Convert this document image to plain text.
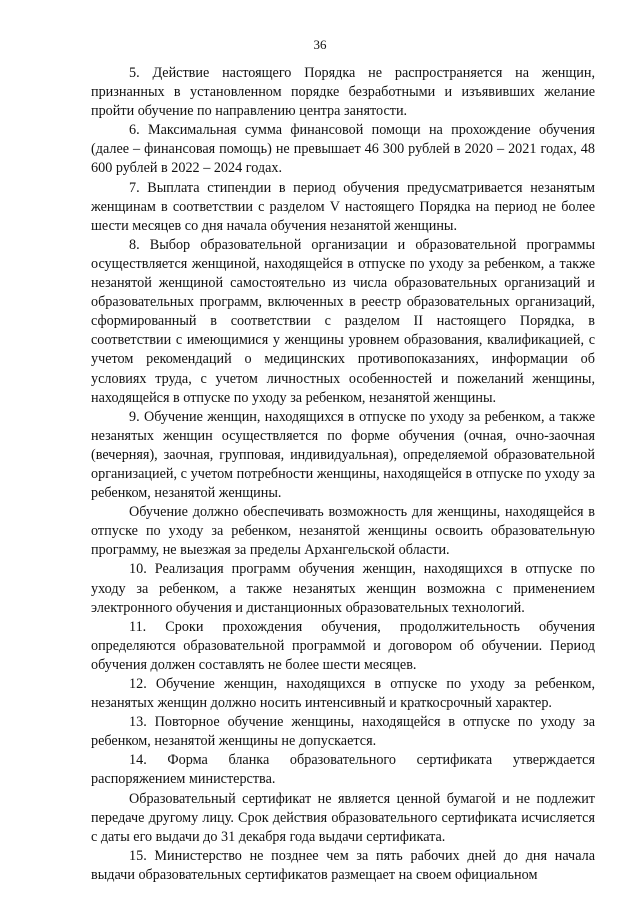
36

5. Действие настоящего Порядка не распространяется на женщин, признанных в установленном порядке безработными и изъявивших желание пройти обучение по направлению центра занятости.

6. Максимальная сумма финансовой помощи на прохождение обучения (далее – финансовая помощь) не превышает 46 300 рублей в 2020 – 2021 годах, 48 600 рублей в 2022 – 2024 годах.

7. Выплата стипендии в период обучения предусматривается незанятым женщинам в соответствии с разделом V настоящего Порядка на период не более шести месяцев со дня начала обучения незанятой женщины.

8. Выбор образовательной организации и образовательной программы осуществляется женщиной, находящейся в отпуске по уходу за ребенком, а также незанятой женщиной самостоятельно из числа образовательных организаций и образовательных программ, включенных в реестр образовательных организаций, сформированный в соответствии с разделом II настоящего Порядка, в соответствии с имеющимися у женщины уровнем образования, квалификацией, с учетом рекомендаций о медицинских противопоказаниях, информации об условиях труда, с учетом личностных особенностей и пожеланий женщины, находящейся в отпуске по уходу за ребенком, незанятой женщины.

9. Обучение женщин, находящихся в отпуске по уходу за ребенком, а также незанятых женщин осуществляется по форме обучения (очная, очно-заочная (вечерняя), заочная, групповая, индивидуальная), определяемой образовательной организацией, с учетом потребности женщины, находящейся в отпуске по уходу за ребенком, незанятой женщины.

Обучение должно обеспечивать возможность для женщины, находящейся в отпуске по уходу за ребенком, незанятой женщины освоить образовательную программу, не выезжая за пределы Архангельской области.

10. Реализация программ обучения женщин, находящихся в отпуске по уходу за ребенком, а также незанятых женщин возможна с применением электронного обучения и дистанционных образовательных технологий.

11. Сроки прохождения обучения, продолжительность обучения определяются образовательной программой и договором об обучении. Период обучения должен составлять не более шести месяцев.

12. Обучение женщин, находящихся в отпуске по уходу за ребенком, незанятых женщин должно носить интенсивный и краткосрочный характер.

13. Повторное обучение женщины, находящейся в отпуске по уходу за ребенком, незанятой женщины не допускается.

14. Форма бланка образовательного сертификата утверждается распоряжением министерства.

Образовательный сертификат не является ценной бумагой и не подлежит передаче другому лицу. Срок действия образовательного сертификата исчисляется с даты его выдачи до 31 декабря года выдачи сертификата.

15. Министерство не позднее чем за пять рабочих дней до дня начала выдачи образовательных сертификатов размещает на своем официальном
